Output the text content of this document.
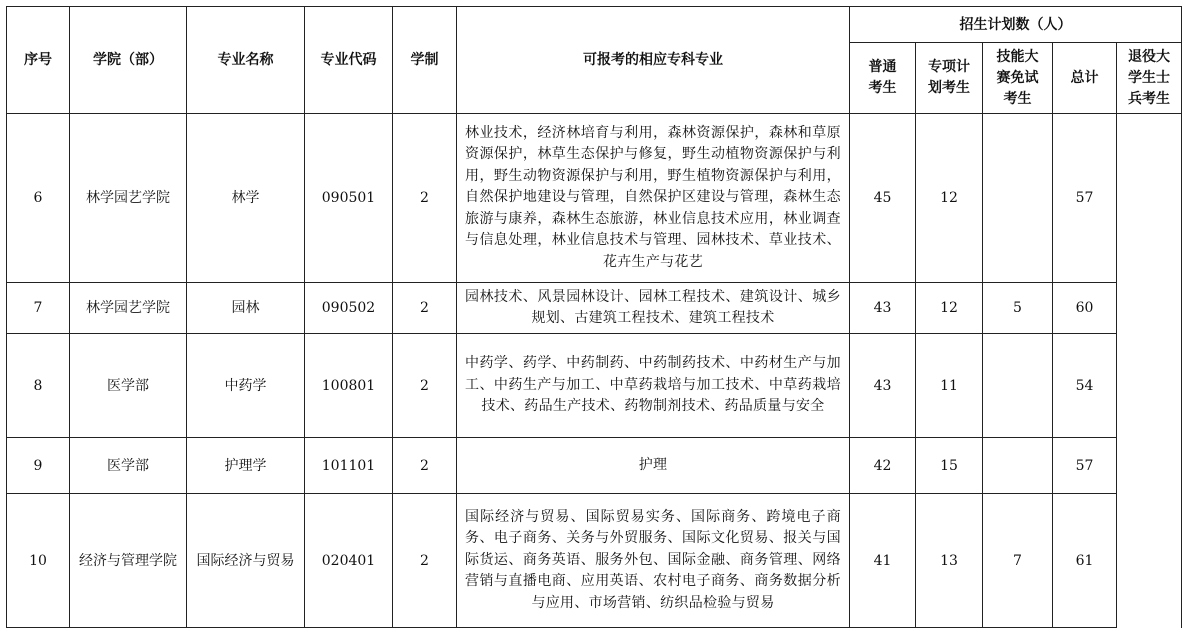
序号	学院（部）	专业名称	专业代码	学制	可报考的相应专科专业	招生计划数（人）				

						普通考生	专项计划考生	技能大赛免试考生	总计	退役大学生士兵考生

6	林学园艺学院	林学	090501	2	林业技术，经济林培育与利用，森林资源保护，森林和草原资源保护，林草生态保护与修复，野生动植物资源保护与利用，野生动物资源保护与利用，野生植物资源保护与利用，自然保护地建设与管理，自然保护区建设与管理，森林生态旅游与康养，森林生态旅游，林业信息技术应用，林业调查与信息处理，林业信息技术与管理、园林技术、草业技术、花卉生产与花艺	45	12		57	
7	林学园艺学院	园林	090502	2	园林技术、风景园林设计、园林工程技术、建筑设计、城乡规划、古建筑工程技术、建筑工程技术	43	12	5	60	
8	医学部	中药学	100801	2	中药学、药学、中药制药、中药制药技术、中药材生产与加工、中药生产与加工、中草药栽培与加工技术、中草药栽培技术、药品生产技术、药物制剂技术、药品质量与安全	43	11		54	
9	医学部	护理学	101101	2	护理	42	15		57	
10	经济与管理学院	国际经济与贸易	020401	2	国际经济与贸易、国际贸易实务、国际商务、跨境电子商务、电子商务、关务与外贸服务、国际文化贸易、报关与国际货运、商务英语、服务外包、国际金融、商务管理、网络营销与直播电商、应用英语、农村电子商务、商务数据分析与应用、市场营销、纺织品检验与贸易	41	13	7	61	
